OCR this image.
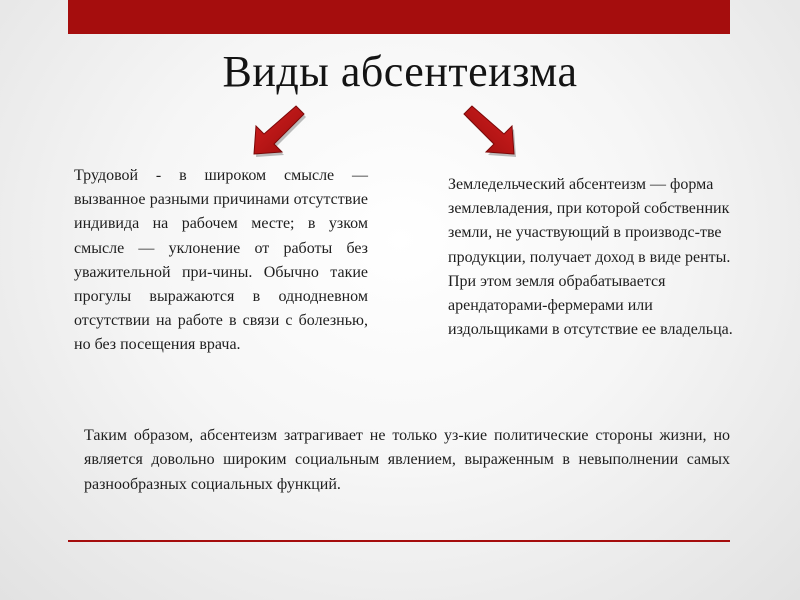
Виды абсентеизма
Трудовой - в широком смысле — вызванное разными причинами отсутствие индивида на рабочем месте; в узком смысле — уклонение от работы без уважительной при-чины. Обычно такие прогулы выражаются в однодневном отсутствии на работе в связи с болезнью, но без посещения врача.
Земледельческий абсентеизм — форма землевладения, при которой собственник земли, не участвующий в производс-тве продукции, получает доход в виде ренты. При этом земля обрабатывается арендаторами-фермерами или издольщиками в отсутствие ее владельца.
Таким образом, абсентеизм затрагивает не только уз-кие политические стороны жизни, но является довольно широким социальным явлением, выраженным в невыполнении самых разнообразных социальных функций.
